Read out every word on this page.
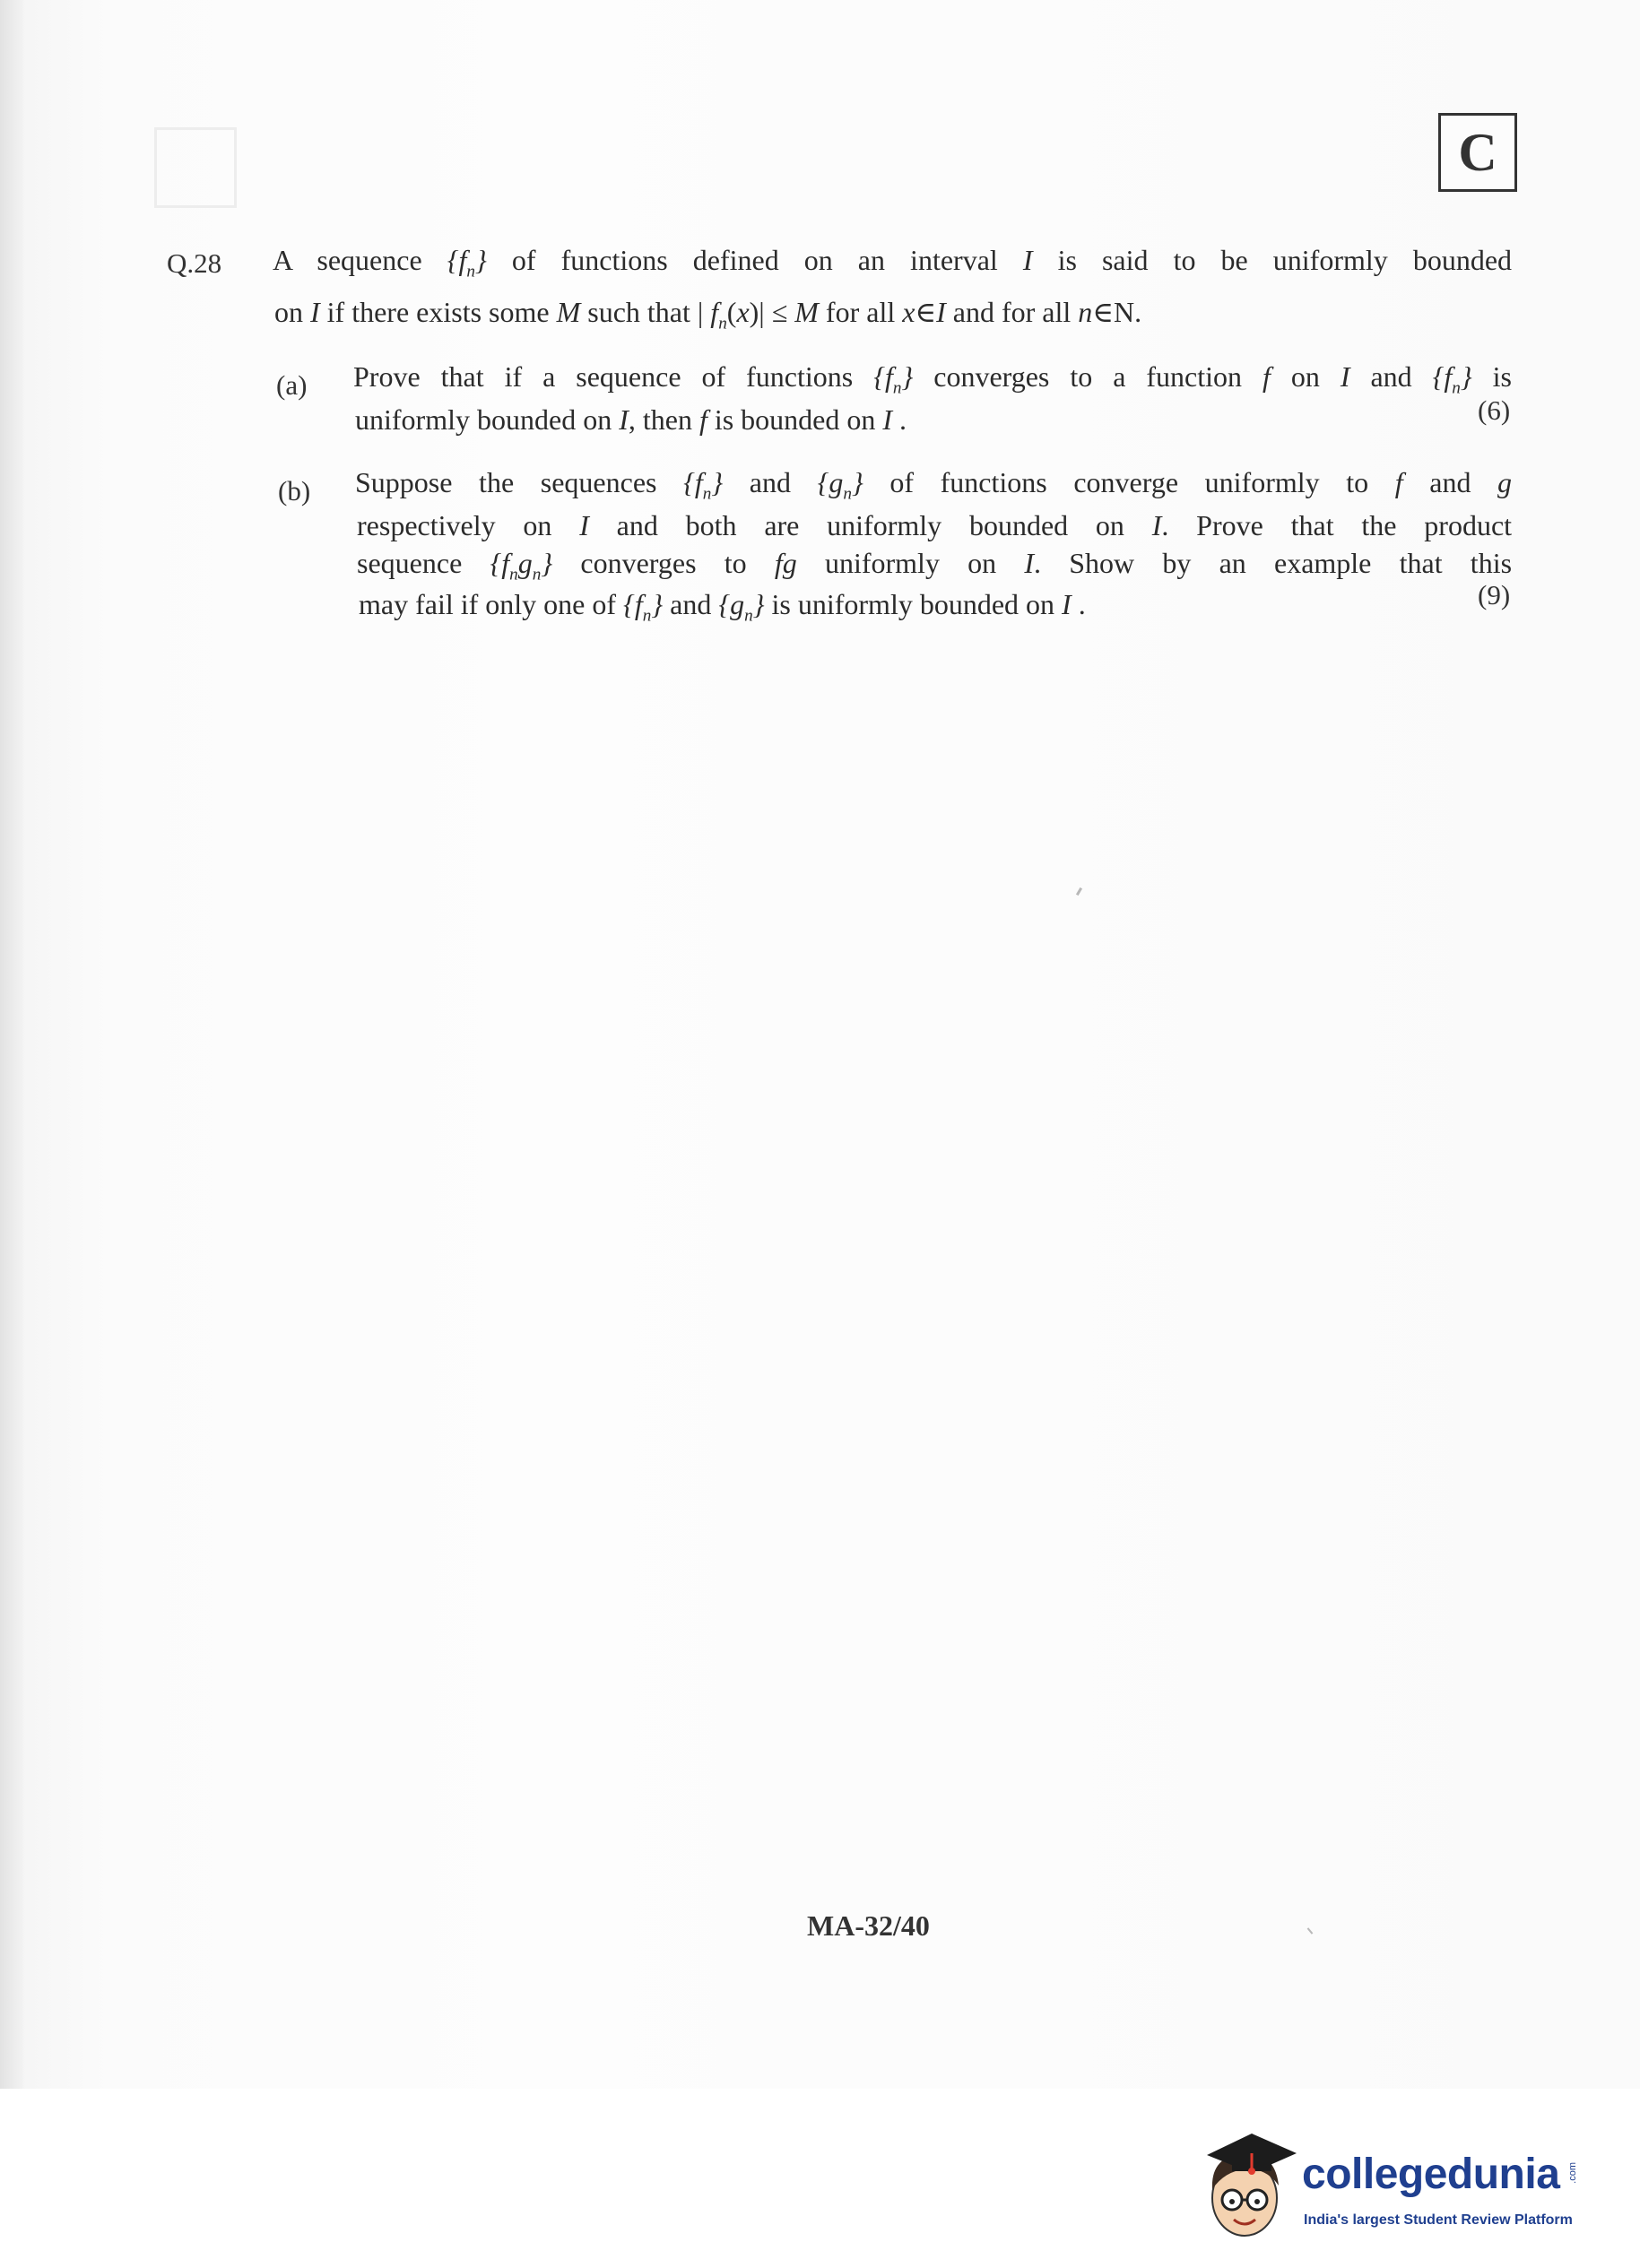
C
Q.28 A sequence $\{f_n\}$ of functions defined on an interval I is said to be uniformly bounded
on I if there exists some M such that | $f_n(x)| \le M$ for all x∈I and for all n∈N.
(a) Prove that if a sequence of functions $\{f_n\}$ converges to a function f on I and $\{f_n\}$ is
uniformly bounded on I, then f is bounded on I .	(6)
(b) Suppose the sequences $\{f_n\}$ and $\{g_n\}$ of functions converge uniformly to f and g
respectively on I and both are uniformly bounded on I. Prove that the product
sequence $\{f_ng_n\}$ converges to fg uniformly on I. Show by an example that this
may fail if only one of $\{f_n\}$ and $\{g_n\}$ is uniformly bounded on I .	(9)
MA-32/40
collegedunia .com
India's largest Student Review Platform
